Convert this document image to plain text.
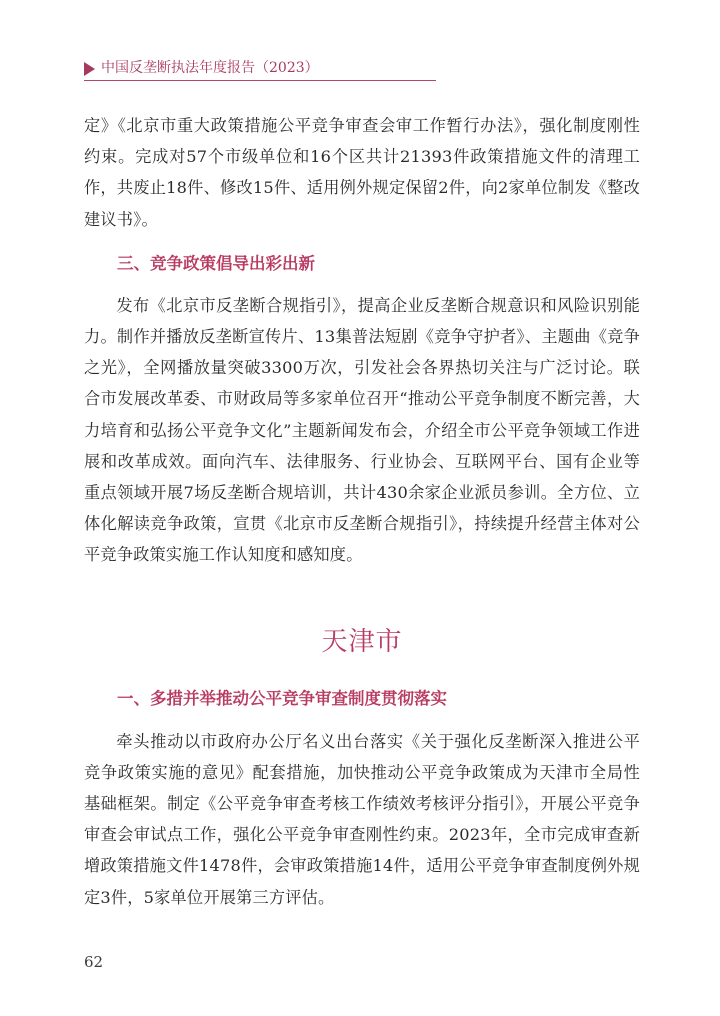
中国反垄断执法年度报告（2023）

定》《北京市重大政策措施公平竞争审查会审工作暂行办法》，强化制度刚性约束。完成对57个市级单位和16个区共计21393件政策措施文件的清理工作，共废止18件、修改15件、适用例外规定保留2件，向2家单位制发《整改建议书》。

三、竞争政策倡导出彩出新

发布《北京市反垄断合规指引》，提高企业反垄断合规意识和风险识别能力。制作并播放反垄断宣传片、13集普法短剧《竞争守护者》、主题曲《竞争之光》，全网播放量突破3300万次，引发社会各界热切关注与广泛讨论。联合市发展改革委、市财政局等多家单位召开“推动公平竞争制度不断完善，大力培育和弘扬公平竞争文化”主题新闻发布会，介绍全市公平竞争领域工作进展和改革成效。面向汽车、法律服务、行业协会、互联网平台、国有企业等重点领域开展7场反垄断合规培训，共计430余家企业派员参训。全方位、立体化解读竞争政策，宣贯《北京市反垄断合规指引》，持续提升经营主体对公平竞争政策实施工作认知度和感知度。

天津市

一、多措并举推动公平竞争审查制度贯彻落实

牵头推动以市政府办公厅名义出台落实《关于强化反垄断深入推进公平竞争政策实施的意见》配套措施，加快推动公平竞争政策成为天津市全局性基础框架。制定《公平竞争审查考核工作绩效考核评分指引》，开展公平竞争审查会审试点工作，强化公平竞争审查刚性约束。2023年，全市完成审查新增政策措施文件1478件，会审政策措施14件，适用公平竞争审查制度例外规定3件，5家单位开展第三方评估。

62
